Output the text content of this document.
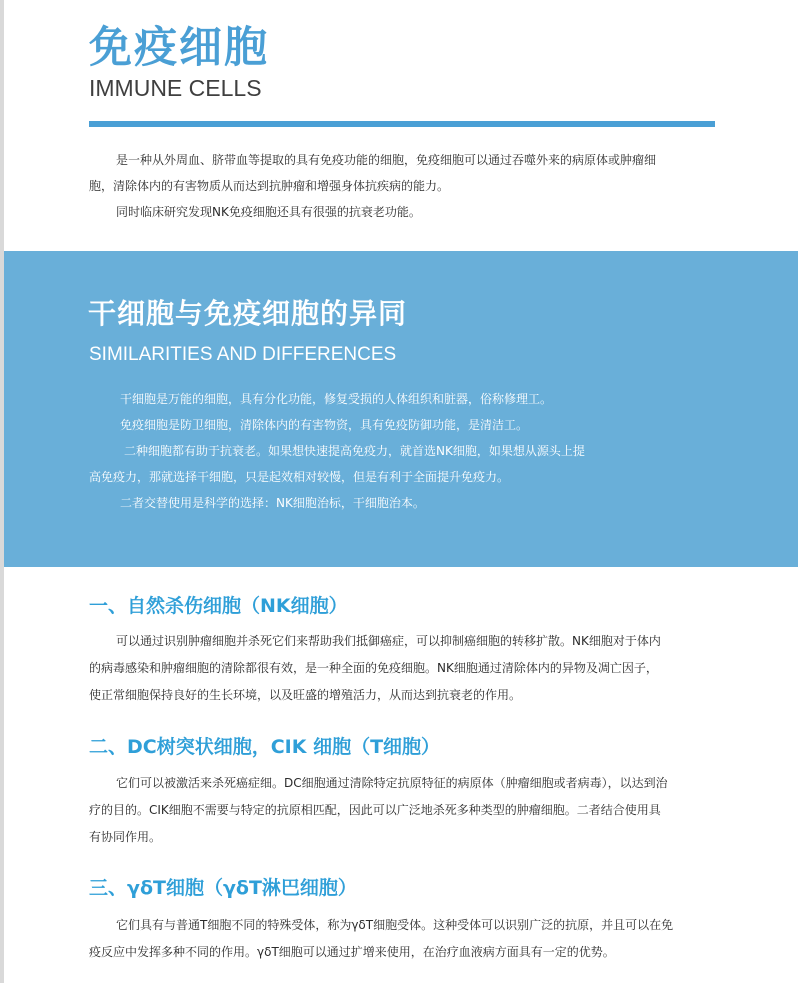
免疫细胞
IMMUNE CELLS
是一种从外周血、脐带血等提取的具有免疫功能的细胞，免疫细胞可以通过吞噬外来的病原体或肿瘤细
胞，清除体内的有害物质从而达到抗肿瘤和增强身体抗疾病的能力。
同时临床研究发现NK免疫细胞还具有很强的抗衰老功能。
干细胞与免疫细胞的异同
SIMILARITIES AND DIFFERENCES
干细胞是万能的细胞，具有分化功能，修复受损的人体组织和脏器，俗称修理工。
免疫细胞是防卫细胞，清除体内的有害物资，具有免疫防御功能，是清洁工。
二种细胞都有助于抗衰老。如果想快速提高免疫力，就首选NK细胞，如果想从源头上提
高免疫力，那就选择干细胞，只是起效相对较慢，但是有利于全面提升免疫力。
二者交替使用是科学的选择：NK细胞治标，干细胞治本。
一、自然杀伤细胞（NK细胞）
可以通过识别肿瘤细胞并杀死它们来帮助我们抵御癌症，可以抑制癌细胞的转移扩散。NK细胞对于体内
的病毒感染和肿瘤细胞的清除都很有效，是一种全面的免疫细胞。NK细胞通过清除体内的异物及凋亡因子，
使正常细胞保持良好的生长环境，以及旺盛的增殖活力，从而达到抗衰老的作用。
二、DC树突状细胞，CIK 细胞（T细胞）
它们可以被激活来杀死癌症细。DC细胞通过清除特定抗原特征的病原体（肿瘤细胞或者病毒），以达到治
疗的目的。CIK细胞不需要与特定的抗原相匹配，因此可以广泛地杀死多种类型的肿瘤细胞。二者结合使用具
有协同作用。
三、γδT细胞（γδT淋巴细胞）
它们具有与普通T细胞不同的特殊受体，称为γδT细胞受体。这种受体可以识别广泛的抗原，并且可以在免
疫反应中发挥多种不同的作用。γδT细胞可以通过扩增来使用，在治疗血液病方面具有一定的优势。
